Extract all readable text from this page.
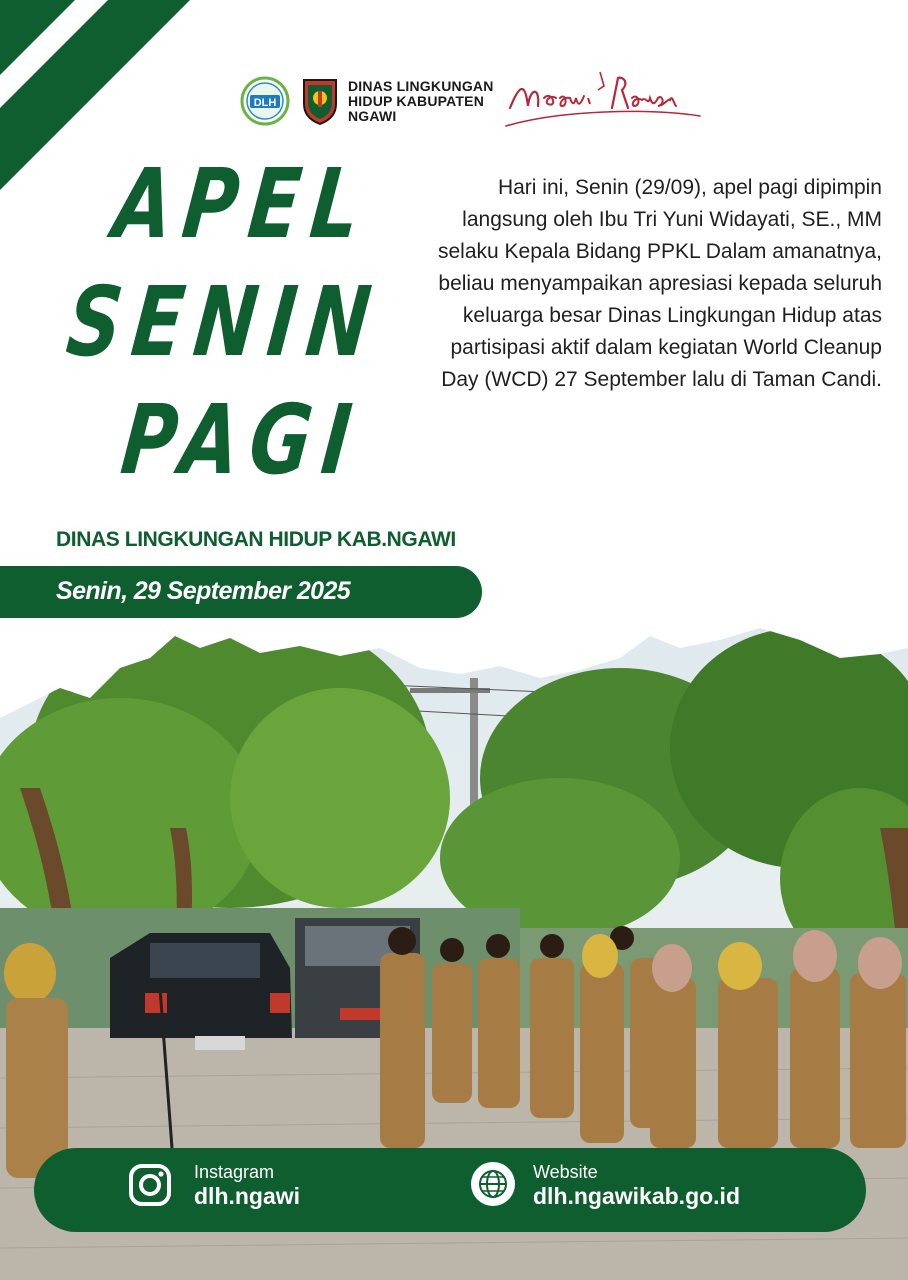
DLH
DINAS LINGKUNGAN
HIDUP KABUPATEN
NGAWI
APEL
SENIN
PAGI
Hari ini, Senin (29/09), apel pagi dipimpin langsung oleh Ibu Tri Yuni Widayati, SE., MM selaku Kepala Bidang PPKL Dalam amanatnya, beliau menyampaikan apresiasi kepada seluruh keluarga besar Dinas Lingkungan Hidup atas partisipasi aktif dalam kegiatan World Cleanup Day (WCD) 27 September lalu di Taman Candi.
DINAS LINGKUNGAN HIDUP KAB.NGAWI
Senin, 29 September 2025
Instagram
dlh.ngawi
Website
dlh.ngawikab.go.id
